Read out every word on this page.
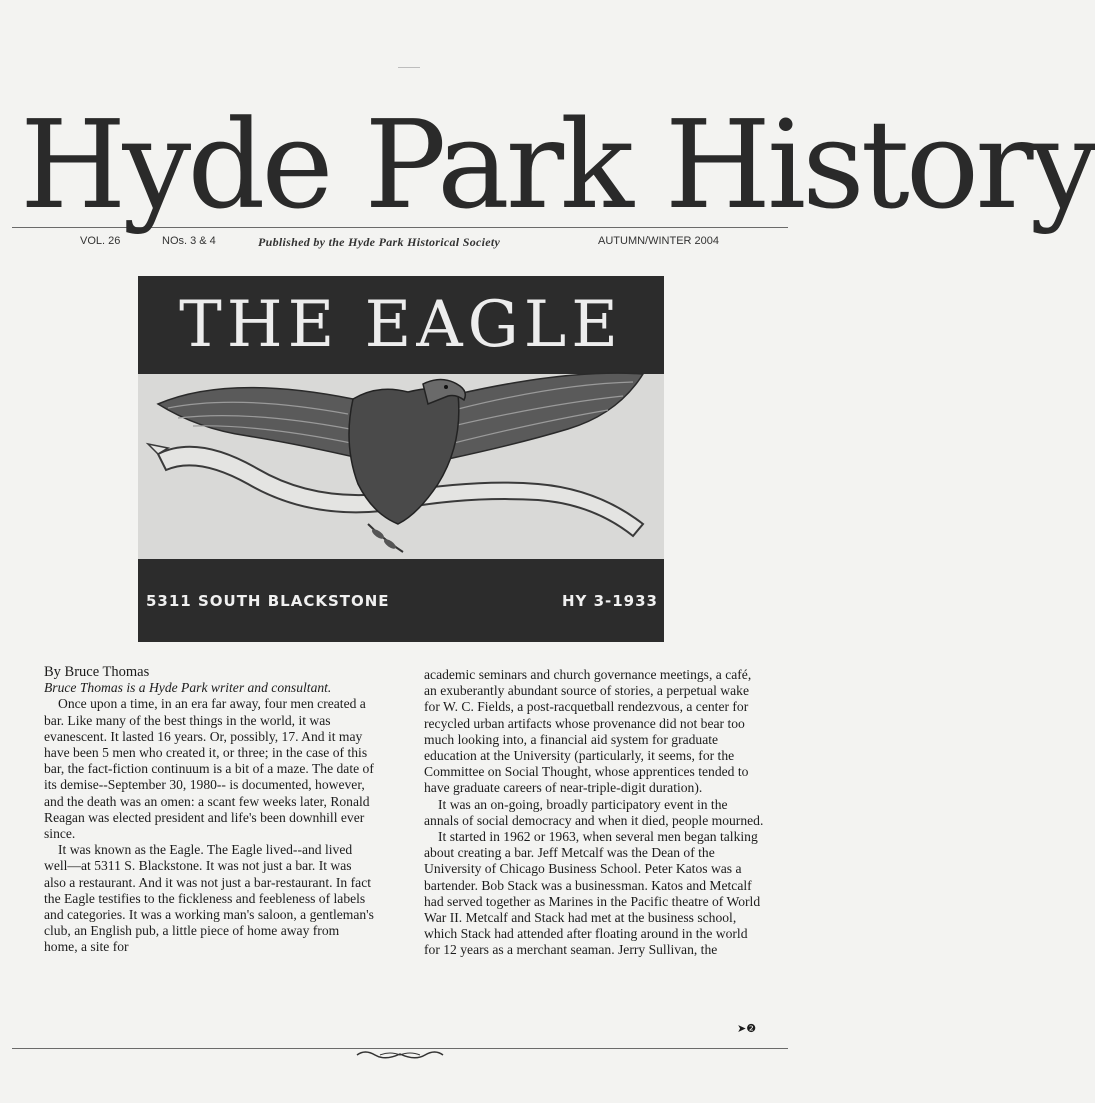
Hyde Park History
VOL. 26	NOs. 3 & 4	Published by the Hyde Park Historical Society	AUTUMN/WINTER 2004
THE EAGLE
5311 SOUTH BLACKSTONE	HY 3-1933

By Bruce Thomas

Bruce Thomas is a Hyde Park writer and consultant.

Once upon a time, in an era far away, four men created a bar. Like many of the best things in the world, it was evanescent. It lasted 16 years. Or, possibly, 17. And it may have been 5 men who created it, or three; in the case of this bar, the fact-fiction continuum is a bit of a maze. The date of its demise--September 30, 1980-- is documented, however, and the death was an omen: a scant few weeks later, Ronald Reagan was elected president and life's been downhill ever since.

It was known as the Eagle. The Eagle lived--and lived well—at 5311 S. Blackstone. It was not just a bar. It was also a restaurant. And it was not just a bar-restaurant. In fact the Eagle testifies to the fickleness and feebleness of labels and categories. It was a working man's saloon, a gentleman's club, an English pub, a little piece of home away from home, a site for

academic seminars and church governance meetings, a café, an exuberantly abundant source of stories, a perpetual wake for W. C. Fields, a post-racquetball rendezvous, a center for recycled urban artifacts whose provenance did not bear too much looking into, a financial aid system for graduate education at the University (particularly, it seems, for the Committee on Social Thought, whose apprentices tended to have graduate careers of near-triple-digit duration).

It was an on-going, broadly participatory event in the annals of social democracy and when it died, people mourned.

It started in 1962 or 1963, when several men began talking about creating a bar. Jeff Metcalf was the Dean of the University of Chicago Business School. Peter Katos was a bartender. Bob Stack was a businessman. Katos and Metcalf had served together as Marines in the Pacific theatre of World War II. Metcalf and Stack had met at the business school, which Stack had attended after floating around in the world for 12 years as a merchant seaman. Jerry Sullivan, the

➤❷
